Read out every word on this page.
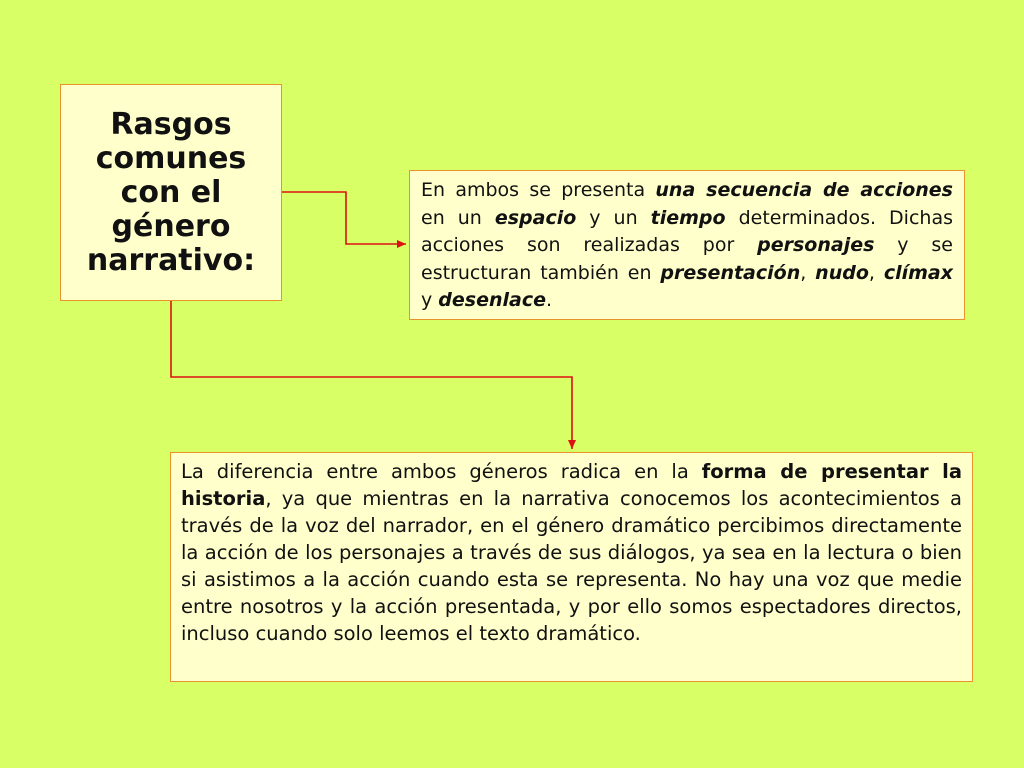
Rasgos
comunes
con el
género
narrativo:

En ambos se presenta una secuencia de acciones en un espacio y un tiempo determinados. Dichas acciones son realizadas por personajes y se estructuran también en presentación, nudo, clímax y desenlace.

La diferencia entre ambos géneros radica en la forma de presentar la historia, ya que mientras en la narrativa conocemos los acontecimientos a través de la voz del narrador, en el género dramático percibimos directamente la acción de los personajes a través de sus diálogos, ya sea en la lectura o bien si asistimos a la acción cuando esta se representa. No hay una voz que medie entre nosotros y la acción presentada, y por ello somos espectadores directos, incluso cuando solo leemos el texto dramático.
